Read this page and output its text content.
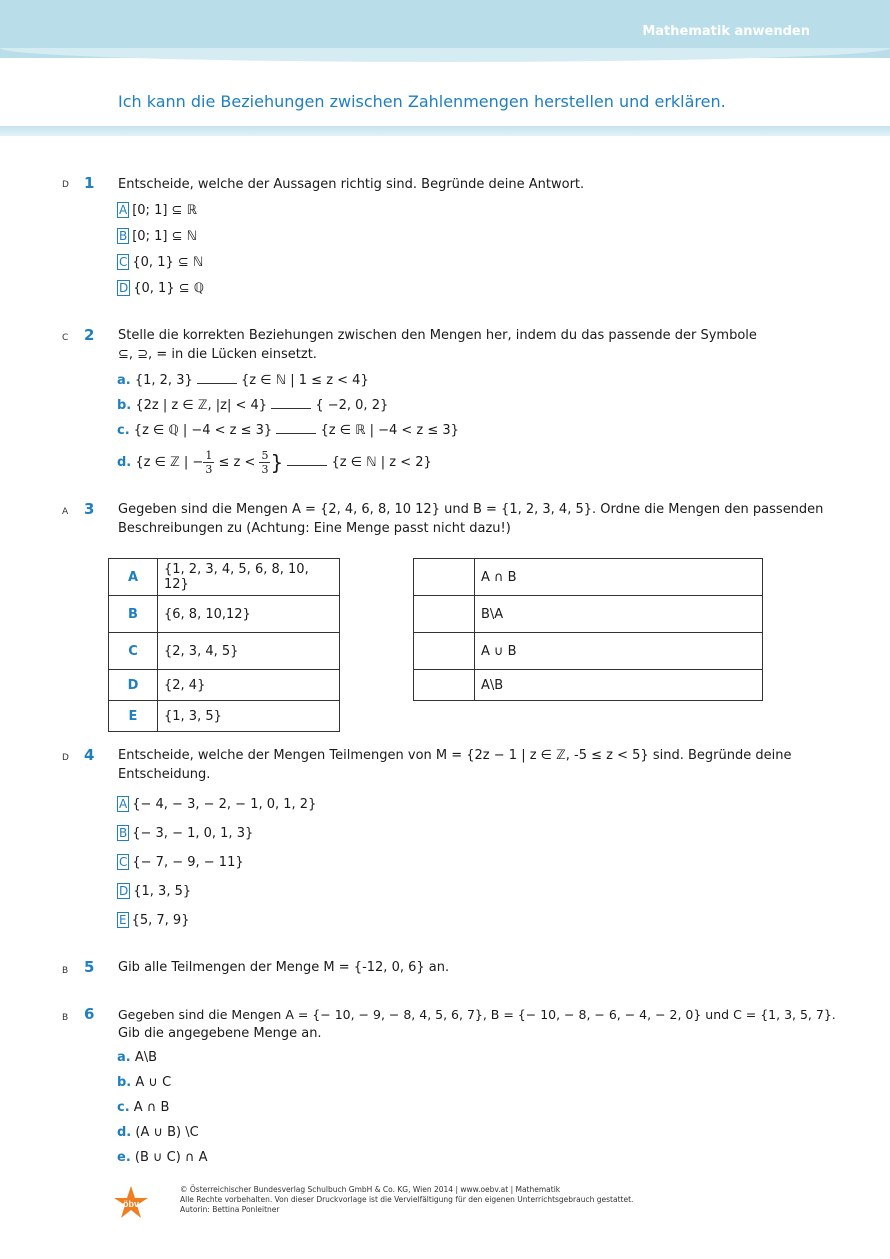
Mathematik anwenden
Ich kann die Beziehungen zwischen Zahlenmengen herstellen und erklären.
D 1 Entscheide, welche der Aussagen richtig sind. Begründe deine Antwort.
A [0; 1] ⊆ ℝ
B [0; 1] ⊆ ℕ
C {0, 1} ⊆ ℕ
D {0, 1} ⊆ ℚ
C 2 Stelle die korrekten Beziehungen zwischen den Mengen her, indem du das passende der Symbole
⊆, ⊇, = in die Lücken einsetzt.
a. {1, 2, 3}	{z ∈ ℕ | 1 ≤ z < 4}
b. {2z | z ∈ ℤ, |z| < 4}	{ −2, 0, 2}
c. {z ∈ ℚ | −4 < z ≤ 3}	{z ∈ ℝ | −4 < z ≤ 3}
d. {z ∈ ℤ | − $\frac{1}{3} \le z < \frac{5}{3}$ }	{z ∈ ℕ | z < 2}
A 3 Gegeben sind die Mengen A = {2, 4, 6, 8, 10 12} und B = {1, 2, 3, 4, 5}. Ordne die Mengen den passenden
Beschreibungen zu (Achtung: Eine Menge passt nicht dazu!)
A	{1, 2, 3, 4, 5, 6, 8, 10, 12}
B	{6, 8, 10,12}
C	{2, 3, 4, 5}
D	{2, 4}
E	{1, 3, 5}
	A ∩ B
	B\A
	A ∪ B
	A\B
D 4 Entscheide, welche der Mengen Teilmengen von M = {2z − 1 | z ∈ ℤ, -5 ≤ z < 5} sind. Begründe deine
Entscheidung.
A {− 4, − 3, − 2, − 1, 0, 1, 2}
B {− 3, − 1, 0, 1, 3}
C {− 7, − 9, − 11}
D {1, 3, 5}
E {5, 7, 9}
B 5 Gib alle Teilmengen der Menge M = {-12, 0, 6} an.
B 6 Gegeben sind die Mengen A = {− 10, − 9, − 8, 4, 5, 6, 7}, B = {− 10, − 8, − 6, − 4, − 2, 0} und C = {1, 3, 5, 7}.
Gib die angegebene Menge an.
a. A\B
b. A ∪ C
c. A ∩ B
d. (A ∪ B) \C
e. (B ∪ C) ∩ A
öbv
© Österreichischer Bundesverlag Schulbuch GmbH & Co. KG, Wien 2014 | www.oebv.at | Mathematik
Alle Rechte vorbehalten. Von dieser Druckvorlage ist die Vervielfältigung für den eigenen Unterrichtsgebrauch gestattet.
Autorin: Bettina Ponleitner
